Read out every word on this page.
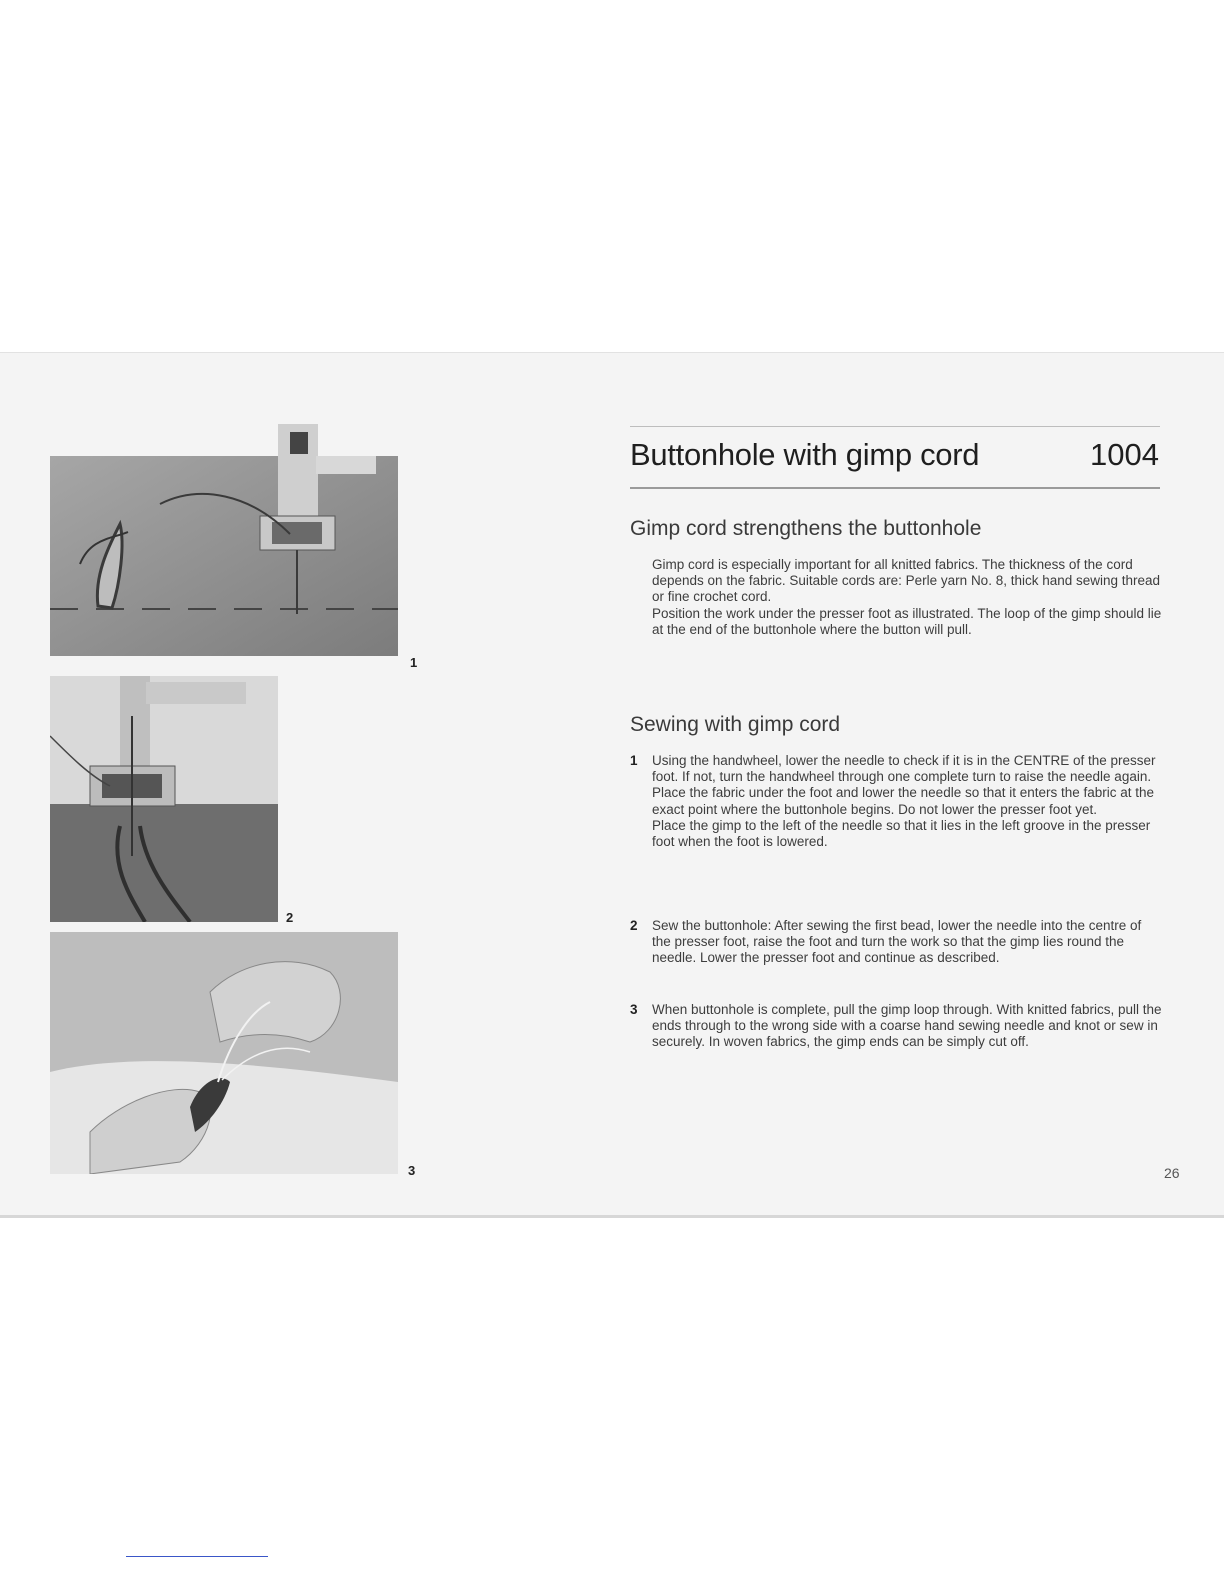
1
2
3
Buttonhole with gimp cord	1004
Gimp cord strengthens the buttonhole

Gimp cord is especially important for all knitted fabrics. The thickness of the cord depends on the fabric. Suitable cords are: Perle yarn No. 8, thick hand sewing thread or fine crochet cord.

Position the work under the presser foot as illustrated. The loop of the gimp should lie at the end of the buttonhole where the button will pull.

Sewing with gimp cord
1 Using the handwheel, lower the needle to check if it is in the CENTRE of the presser foot. If not, turn the handwheel through one complete turn to raise the needle again. Place the fabric under the foot and lower the needle so that it enters the fabric at the exact point where the buttonhole begins. Do not lower the presser foot yet.

Place the gimp to the left of the needle so that it lies in the left groove in the presser foot when the foot is lowered.

2 Sew the buttonhole: After sewing the first bead, lower the needle into the centre of the presser foot, raise the foot and turn the work so that the gimp lies round the needle. Lower the presser foot and continue as described.

3 When buttonhole is complete, pull the gimp loop through. With knitted fabrics, pull the ends through to the wrong side with a coarse hand sewing needle and knot or sew in securely. In woven fabrics, the gimp ends can be simply cut off.

26
